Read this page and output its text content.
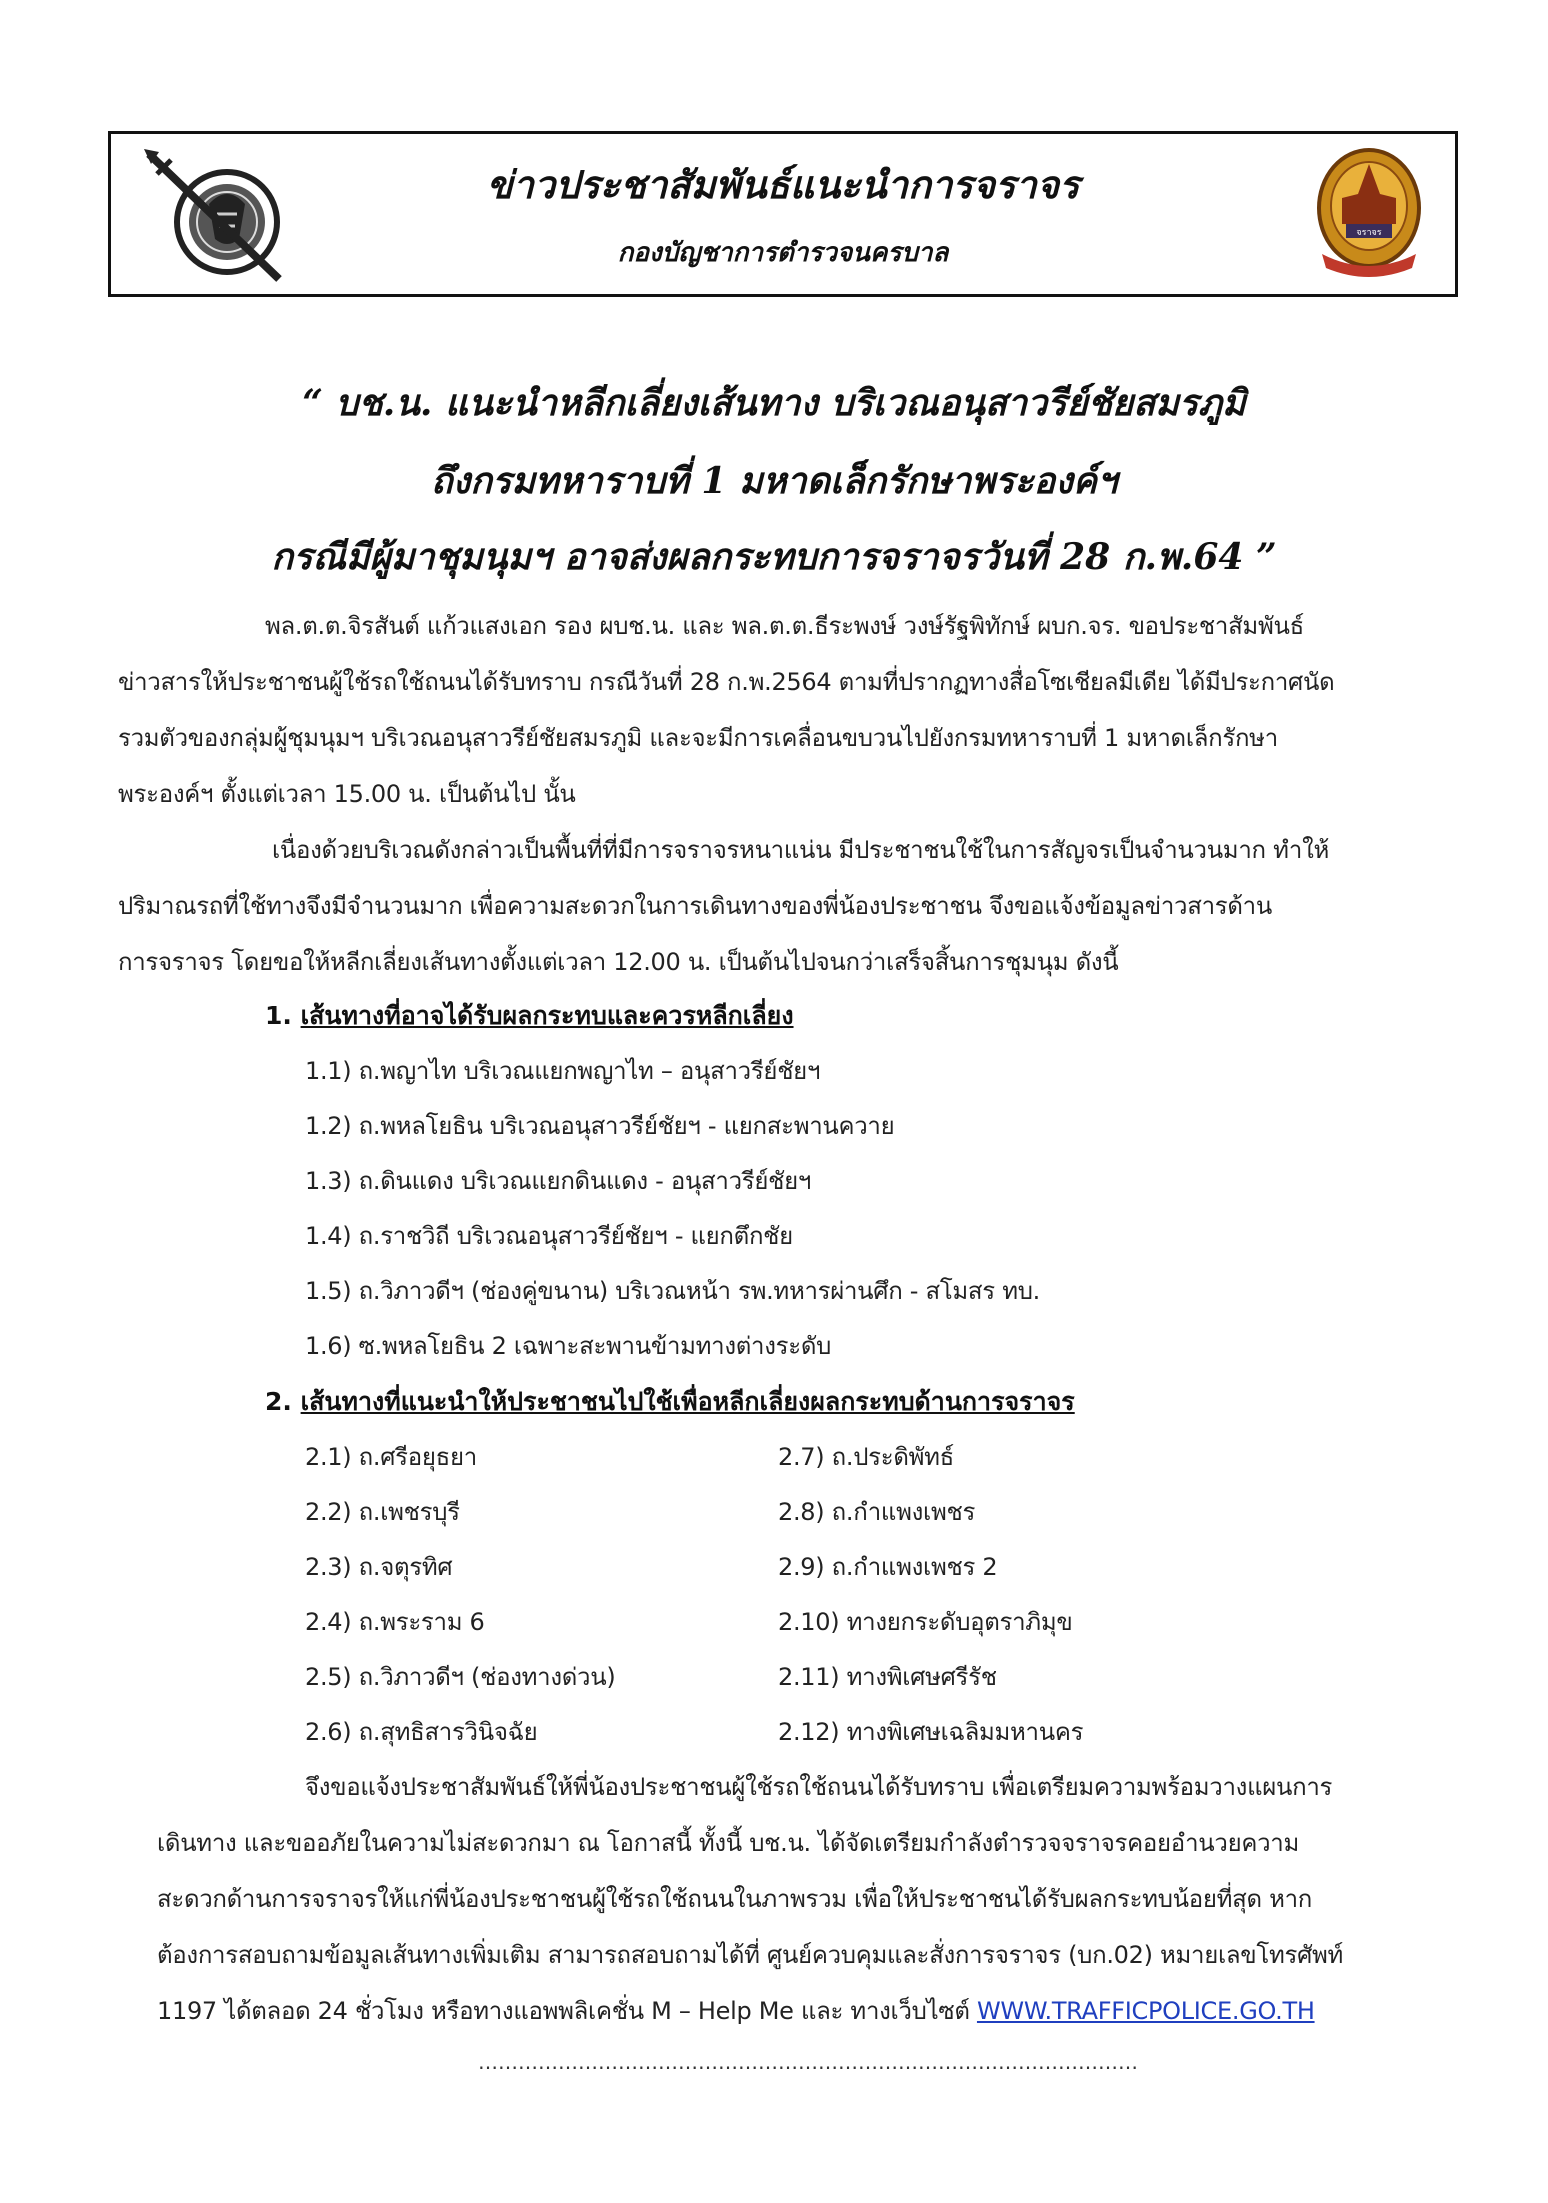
ข่าวประชาสัมพันธ์แนะนำการจราจร
กองบัญชาการตำรวจนครบาล
จราจร
“ บช.น. แนะนำหลีกเลี่ยงเส้นทาง บริเวณอนุสาวรีย์ชัยสมรภูมิ
ถึงกรมทหาราบที่ 1 มหาดเล็กรักษาพระองค์ฯ
กรณีมีผู้มาชุมนุมฯ อาจส่งผลกระทบการจราจรวันที่ 28 ก.พ.64 ”
พล.ต.ต.จิรสันต์ แก้วแสงเอก รอง ผบช.น. และ พล.ต.ต.ธีระพงษ์ วงษ์รัฐพิทักษ์ ผบก.จร. ขอประชาสัมพันธ์
ข่าวสารให้ประชาชนผู้ใช้รถใช้ถนนได้รับทราบ กรณีวันที่ 28 ก.พ.2564 ตามที่ปรากฏทางสื่อโซเชียลมีเดีย ได้มีประกาศนัด
รวมตัวของกลุ่มผู้ชุมนุมฯ บริเวณอนุสาวรีย์ชัยสมรภูมิ และจะมีการเคลื่อนขบวนไปยังกรมทหาราบที่ 1 มหาดเล็กรักษา
พระองค์ฯ ตั้งแต่เวลา 15.00 น. เป็นต้นไป นั้น
เนื่องด้วยบริเวณดังกล่าวเป็นพื้นที่ที่มีการจราจรหนาแน่น มีประชาชนใช้ในการสัญจรเป็นจำนวนมาก ทำให้
ปริมาณรถที่ใช้ทางจึงมีจำนวนมาก เพื่อความสะดวกในการเดินทางของพี่น้องประชาชน จึงขอแจ้งข้อมูลข่าวสารด้าน
การจราจร โดยขอให้หลีกเลี่ยงเส้นทางตั้งแต่เวลา 12.00 น. เป็นต้นไปจนกว่าเสร็จสิ้นการชุมนุม ดังนี้
1. เส้นทางที่อาจได้รับผลกระทบและควรหลีกเลี่ยง
1.1) ถ.พญาไท บริเวณแยกพญาไท – อนุสาวรีย์ชัยฯ
1.2) ถ.พหลโยธิน บริเวณอนุสาวรีย์ชัยฯ - แยกสะพานควาย
1.3) ถ.ดินแดง บริเวณแยกดินแดง - อนุสาวรีย์ชัยฯ
1.4) ถ.ราชวิถี บริเวณอนุสาวรีย์ชัยฯ - แยกตึกชัย
1.5) ถ.วิภาวดีฯ (ช่องคู่ขนาน) บริเวณหน้า รพ.ทหารผ่านศึก - สโมสร ทบ.
1.6) ซ.พหลโยธิน 2 เฉพาะสะพานข้ามทางต่างระดับ
2. เส้นทางที่แนะนำให้ประชาชนไปใช้เพื่อหลีกเลี่ยงผลกระทบด้านการจราจร
2.1) ถ.ศรีอยุธยา
2.2) ถ.เพชรบุรี
2.3) ถ.จตุรทิศ
2.4) ถ.พระราม 6
2.5) ถ.วิภาวดีฯ (ช่องทางด่วน)
2.6) ถ.สุทธิสารวินิจฉัย
2.7) ถ.ประดิพัทธ์
2.8) ถ.กำแพงเพชร
2.9) ถ.กำแพงเพชร 2
2.10) ทางยกระดับอุตราภิมุข
2.11) ทางพิเศษศรีรัช
2.12) ทางพิเศษเฉลิมมหานคร
จึงขอแจ้งประชาสัมพันธ์ให้พี่น้องประชาชนผู้ใช้รถใช้ถนนได้รับทราบ เพื่อเตรียมความพร้อมวางแผนการ
เดินทาง และขออภัยในความไม่สะดวกมา ณ โอกาสนี้ ทั้งนี้ บช.น. ได้จัดเตรียมกำลังตำรวจจราจรคอยอำนวยความ
สะดวกด้านการจราจรให้แก่พี่น้องประชาชนผู้ใช้รถใช้ถนนในภาพรวม เพื่อให้ประชาชนได้รับผลกระทบน้อยที่สุด หาก
ต้องการสอบถามข้อมูลเส้นทางเพิ่มเติม สามารถสอบถามได้ที่ ศูนย์ควบคุมและสั่งการจราจร (บก.02) หมายเลขโทรศัพท์
1197 ได้ตลอด 24 ชั่วโมง หรือทางแอพพลิเคชั่น M – Help Me และ ทางเว็บไซต์ WWW.TRAFFICPOLICE.GO.TH
………………………………………………………………………………………
